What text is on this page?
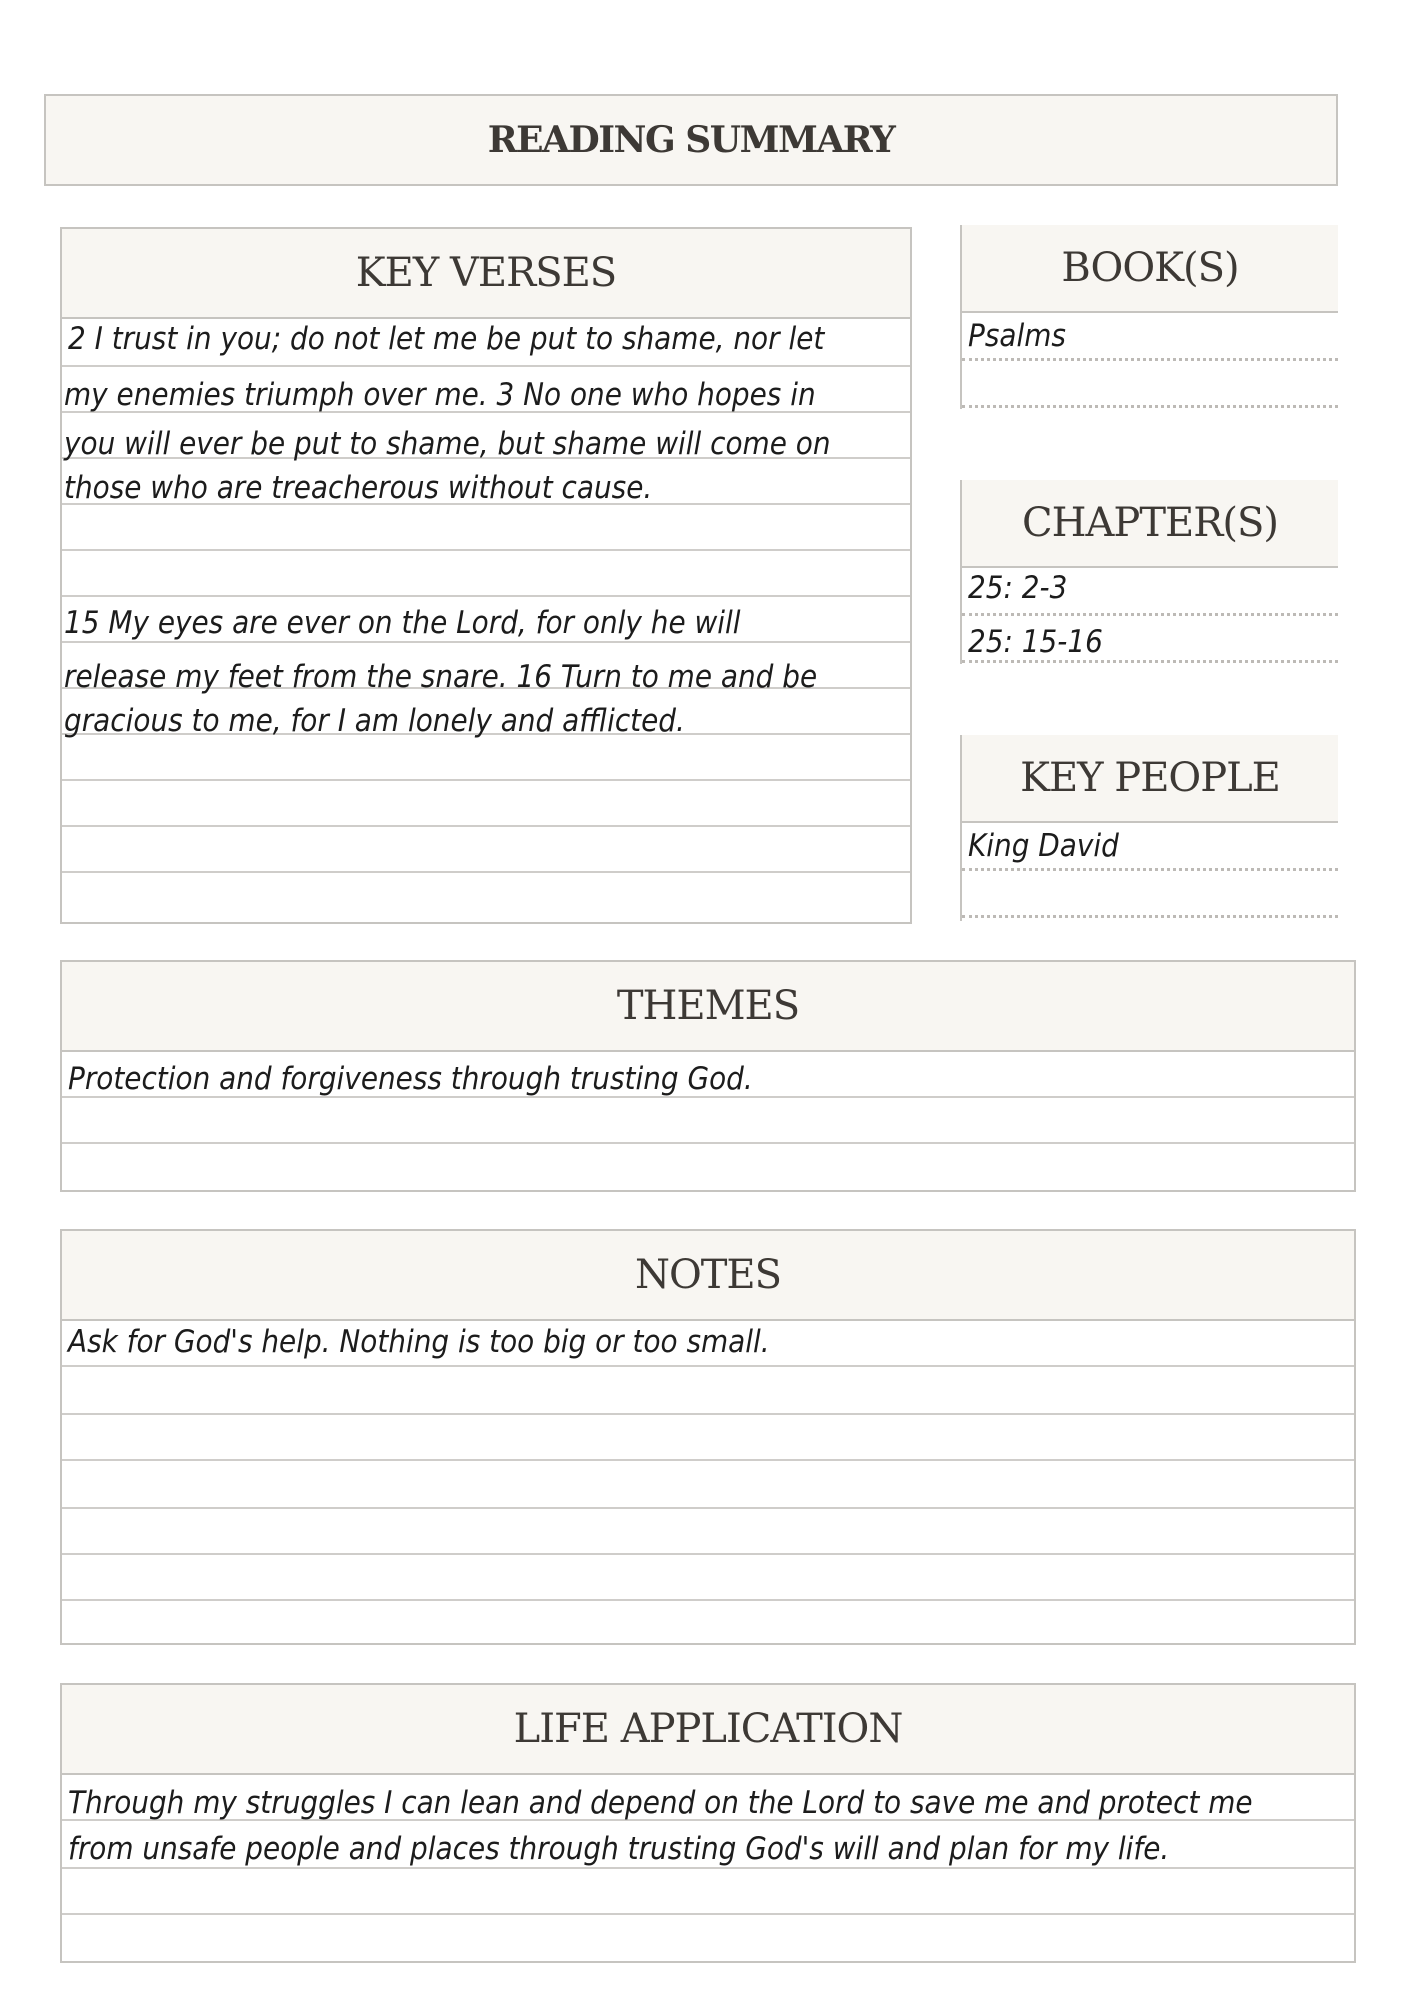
READING SUMMARY
KEY VERSES
2 I trust in you; do not let me be put to shame, nor let
my enemies triumph over me. 3 No one who hopes in
you will ever be put to shame, but shame will come on
those who are treacherous without cause.
15 My eyes are ever on the Lord, for only he will
release my feet from the snare. 16 Turn to me and be
gracious to me, for I am lonely and afflicted.
BOOK(S)
Psalms
CHAPTER(S)
25: 2-3
25: 15-16
KEY PEOPLE
King David
THEMES
Protection and forgiveness through trusting God.
NOTES
Ask for God's help. Nothing is too big or too small.
LIFE APPLICATION
Through my struggles I can lean and depend on the Lord to save me and protect me
from unsafe people and places through trusting God's will and plan for my life.
